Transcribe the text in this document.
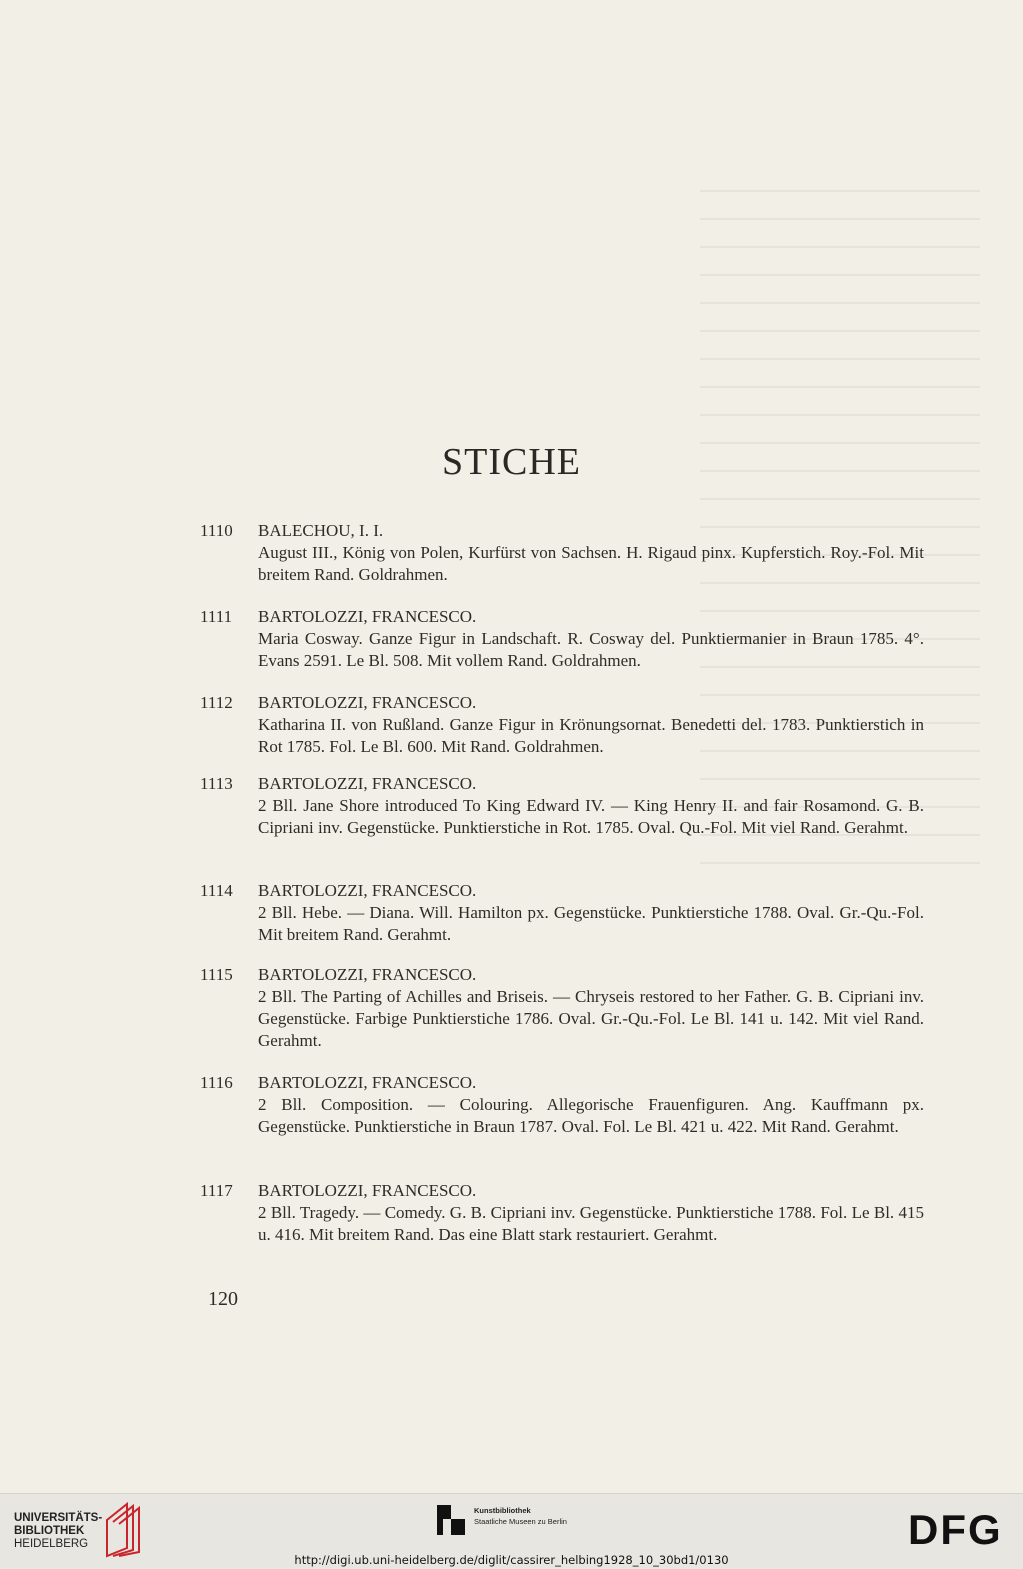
STICHE
1110	BALECHOU, I. I.
August III., König von Polen, Kurfürst von Sachsen. H. Rigaud pinx. Kupferstich. Roy.-Fol. Mit breitem Rand. Goldrahmen.
1111	BARTOLOZZI, FRANCESCO.
Maria Cosway. Ganze Figur in Landschaft. R. Cosway del. Punktiermanier in Braun 1785. 4°. Evans 2591. Le Bl. 508. Mit vollem Rand. Goldrahmen.
1112	BARTOLOZZI, FRANCESCO.
Katharina II. von Rußland. Ganze Figur in Krönungsornat. Benedetti del. 1783. Punktierstich in Rot 1785. Fol. Le Bl. 600. Mit Rand. Goldrahmen.
1113	BARTOLOZZI, FRANCESCO.
2 Bll. Jane Shore introduced To King Edward IV. — King Henry II. and fair Rosamond. G. B. Cipriani inv. Gegenstücke. Punktierstiche in Rot. 1785. Oval. Qu.-Fol. Mit viel Rand. Gerahmt.
1114	BARTOLOZZI, FRANCESCO.
2 Bll. Hebe. — Diana. Will. Hamilton px. Gegenstücke. Punktierstiche 1788. Oval. Gr.-Qu.-Fol. Mit breitem Rand. Gerahmt.
1115	BARTOLOZZI, FRANCESCO.
2 Bll. The Parting of Achilles and Briseis. — Chryseis restored to her Father. G. B. Cipriani inv. Gegenstücke. Farbige Punktierstiche 1786. Oval. Gr.-Qu.-Fol. Le Bl. 141 u. 142. Mit viel Rand. Gerahmt.
1116	BARTOLOZZI, FRANCESCO.
2 Bll. Composition. — Colouring. Allegorische Frauenfiguren. Ang. Kauffmann px. Gegenstücke. Punktierstiche in Braun 1787. Oval. Fol. Le Bl. 421 u. 422. Mit Rand. Gerahmt.
1117	BARTOLOZZI, FRANCESCO.
2 Bll. Tragedy. — Comedy. G. B. Cipriani inv. Gegenstücke. Punktierstiche 1788. Fol. Le Bl. 415 u. 416. Mit breitem Rand. Das eine Blatt stark restauriert. Gerahmt.
120
UNIVERSITÄTS-
BIBLIOTHEK
HEIDELBERG
Kunstbibliothek
Staatliche Museen zu Berlin	DFG
http://digi.ub.uni-heidelberg.de/diglit/cassirer_helbing1928_10_30bd1/0130
